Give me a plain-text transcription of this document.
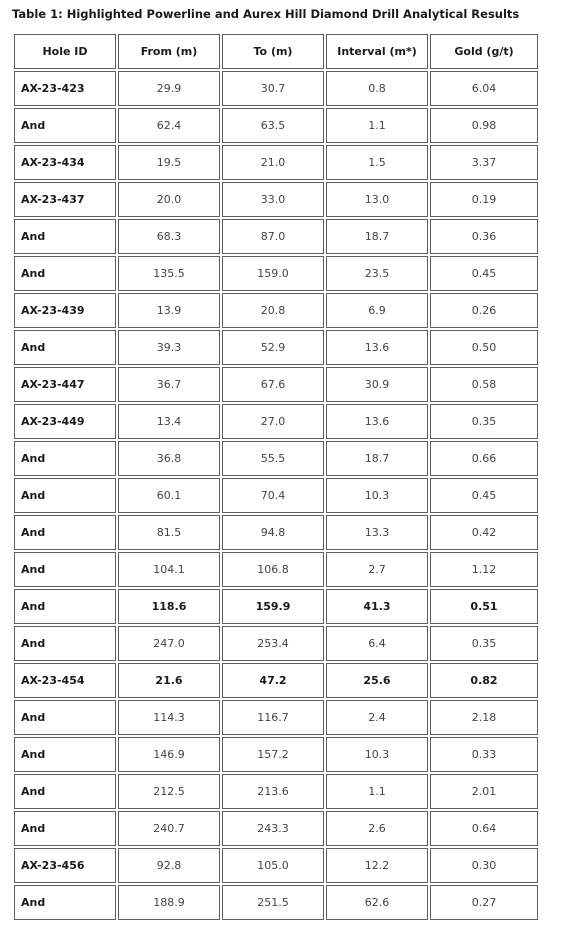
Table 1: Highlighted Powerline and Aurex Hill Diamond Drill Analytical Results
Hole ID	From (m)	To (m)	Interval (m*)	Gold (g/t)
AX-23-423	29.9	30.7	0.8	6.04
And	62.4	63.5	1.1	0.98
AX-23-434	19.5	21.0	1.5	3.37
AX-23-437	20.0	33.0	13.0	0.19
And	68.3	87.0	18.7	0.36
And	135.5	159.0	23.5	0.45
AX-23-439	13.9	20.8	6.9	0.26
And	39.3	52.9	13.6	0.50
AX-23-447	36.7	67.6	30.9	0.58
AX-23-449	13.4	27.0	13.6	0.35
And	36.8	55.5	18.7	0.66
And	60.1	70.4	10.3	0.45
And	81.5	94.8	13.3	0.42
And	104.1	106.8	2.7	1.12
And	118.6	159.9	41.3	0.51
And	247.0	253.4	6.4	0.35
AX-23-454	21.6	47.2	25.6	0.82
And	114.3	116.7	2.4	2.18
And	146.9	157.2	10.3	0.33
And	212.5	213.6	1.1	2.01
And	240.7	243.3	2.6	0.64
AX-23-456	92.8	105.0	12.2	0.30
And	188.9	251.5	62.6	0.27
